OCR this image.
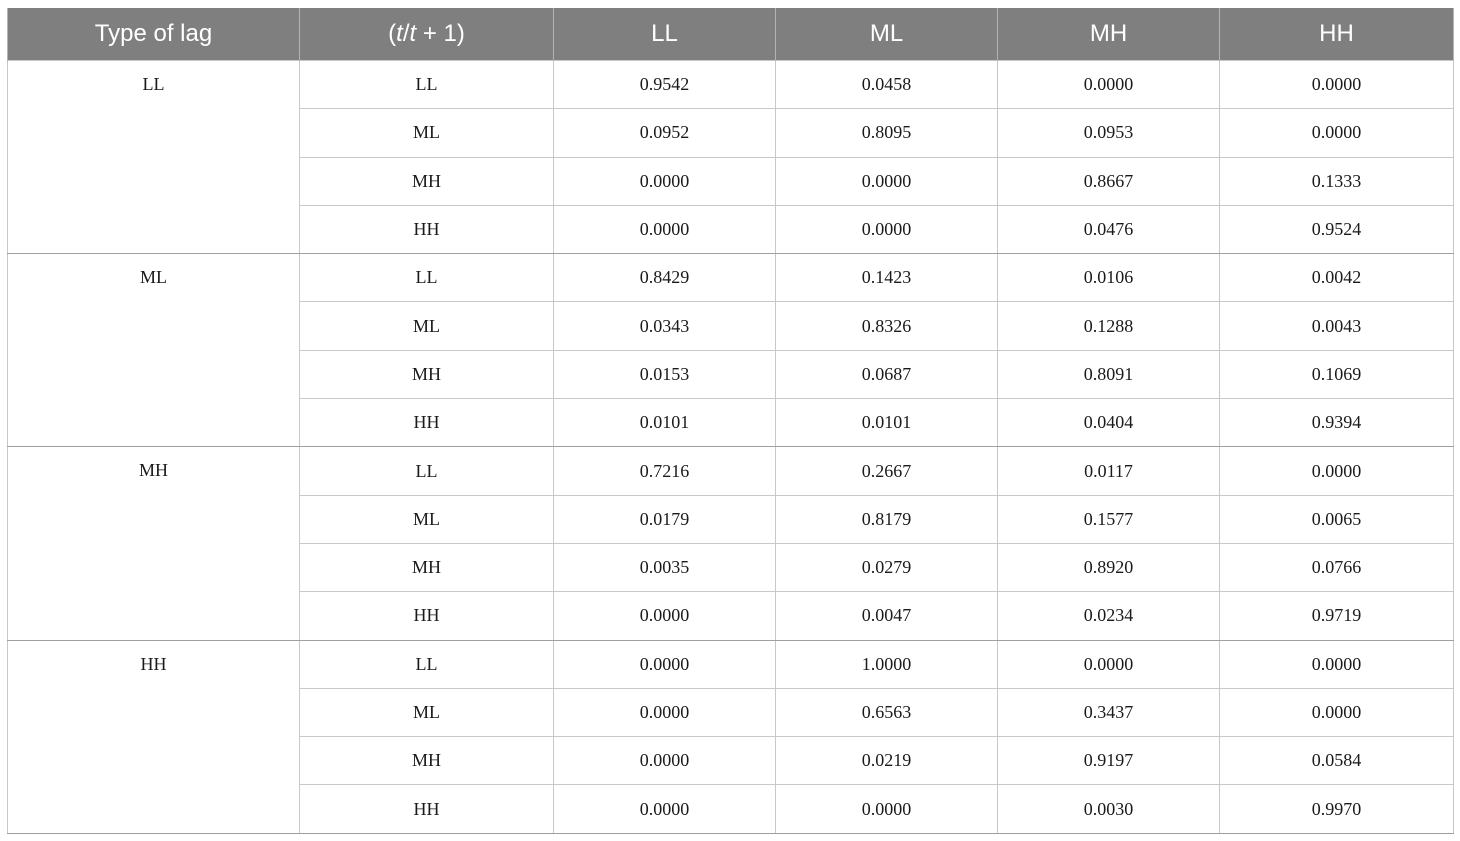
Type of lag	(t/t + 1)	LL	ML	MH	HH
LL	LL	0.9542	0.0458	0.0000	0.0000
	ML	0.0952	0.8095	0.0953	0.0000
	MH	0.0000	0.0000	0.8667	0.1333
	HH	0.0000	0.0000	0.0476	0.9524
ML	LL	0.8429	0.1423	0.0106	0.0042
	ML	0.0343	0.8326	0.1288	0.0043
	MH	0.0153	0.0687	0.8091	0.1069
	HH	0.0101	0.0101	0.0404	0.9394
MH	LL	0.7216	0.2667	0.0117	0.0000
	ML	0.0179	0.8179	0.1577	0.0065
	MH	0.0035	0.0279	0.8920	0.0766
	HH	0.0000	0.0047	0.0234	0.9719
HH	LL	0.0000	1.0000	0.0000	0.0000
	ML	0.0000	0.6563	0.3437	0.0000
	MH	0.0000	0.0219	0.9197	0.0584
	HH	0.0000	0.0000	0.0030	0.9970
